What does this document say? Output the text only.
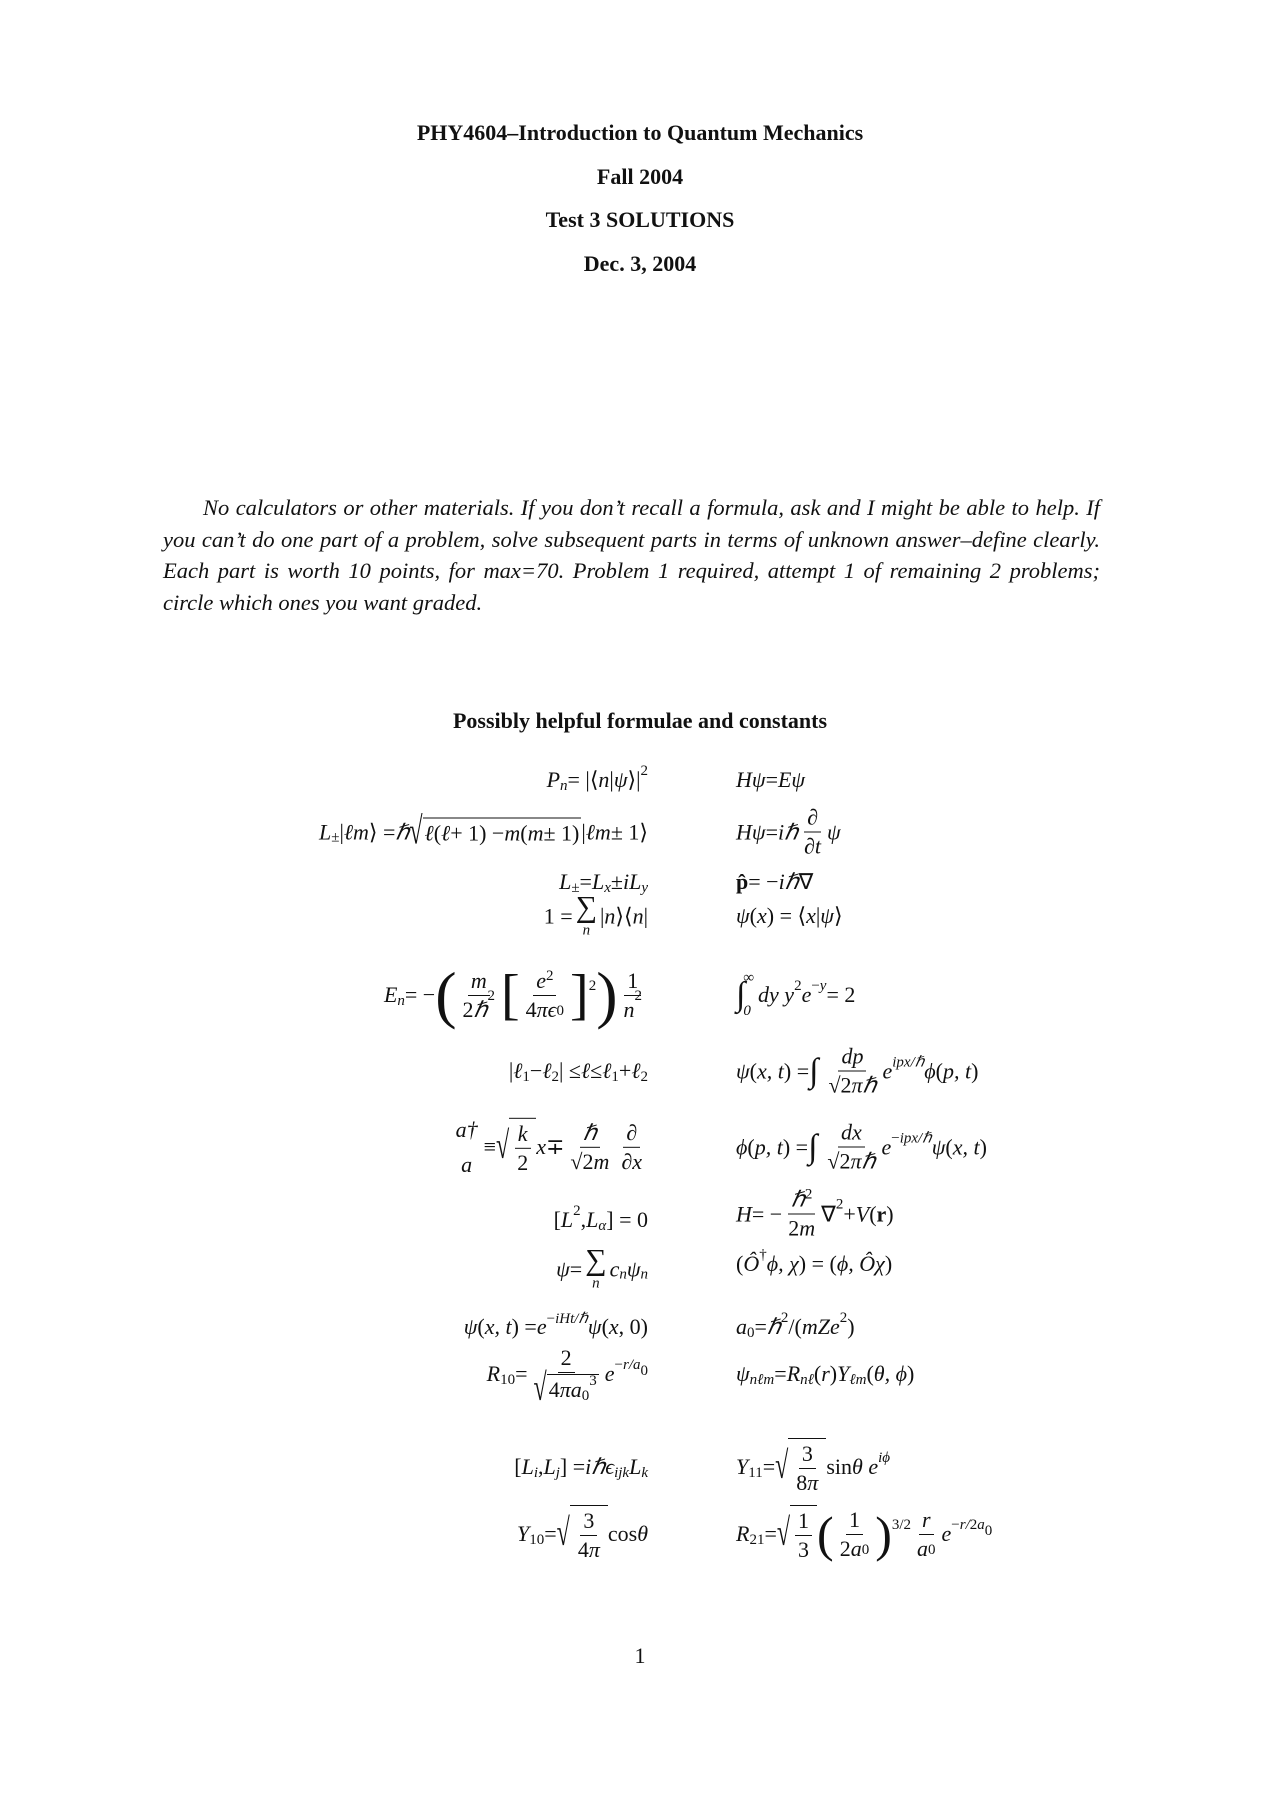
PHY4604–Introduction to Quantum Mechanics
Fall 2004
Test 3 SOLUTIONS
Dec. 3, 2004
No calculators or other materials. If you don’t recall a formula, ask and I might be able to help. If you can’t do one part of a problem, solve subsequent parts in terms of unknown answer–define clearly. Each part is worth 10 points, for max=70. Problem 1 required, attempt 1 of remaining 2 problems; circle which ones you want graded.
Possibly helpful formulae and constants
P n = |⟨ n | ψ ⟩| 2
L ± | ℓm ⟩ = ℏ √ ℓ ( ℓ + 1) − m ( m ± 1) | ℓm ± 1⟩
L ± = L x ± iL y
1 = ∑
n
| n ⟩⟨ n |
E n = − ( m
2 ℏ
2 [ $\frac{e 2}{4 \pi\epsilon 0}$ ] 2 ) 1
n
2
| ℓ 1 − ℓ 2 | ≤ ℓ ≤ ℓ 1 + ℓ 2
a†
a
≡ √ $\frac{k}{2}$ $x \mp \frac{\text{ℏ}}{√2 m} \frac{\partial}{\partial x}$
[ L 2 , L α ] = 0
ψ = ∑
n
c n ψ n
ψ ( x, t ) = e −iHt/ℏ ψ ( x , 0)
R 10 = 2
√ 4 πa 0
3 e −r/a0
[ L i , L j ] = iℏϵ ijk L k
Y 10 = √ $\frac{3}{4 \pi}$ cos θ
Hψ = Eψ
Hψ = iℏ $\frac{\partial}{\partial t}$ ψ
p̂ = − iℏ ∇
ψ ( x ) = ⟨ x | ψ ⟩
∫
∞
0
dy y 2 e −y = 2
ψ ( x, t ) = ∫ $\frac{dp}{\text{√2 πℏ}}$ e ipx/ℏ ϕ ( p, t )
ϕ ( p, t ) = ∫ $\frac{dx}{\text{√2 πℏ}}$ e −ipx/ℏ ψ ( x, t )
H = − $\frac{\text{ℏ 2}}{2 m}$ ∇ 2 + V ( r )
( Ô † ϕ, χ ) = ( ϕ, Ôχ )
a 0 = ℏ 2 /( mZe 2 )
ψ nℓm = R nℓ ( r ) Y ℓm ( θ, ϕ )
Y 11 = √ $\frac{3}{8 \pi}$ sin θ e iϕ
R 21 = √ $\frac{1}{3}$ ( $\frac{1}{2 a 0}$ ) $3/2 \frac{r}{a 0}$ e −r/2a0
1
